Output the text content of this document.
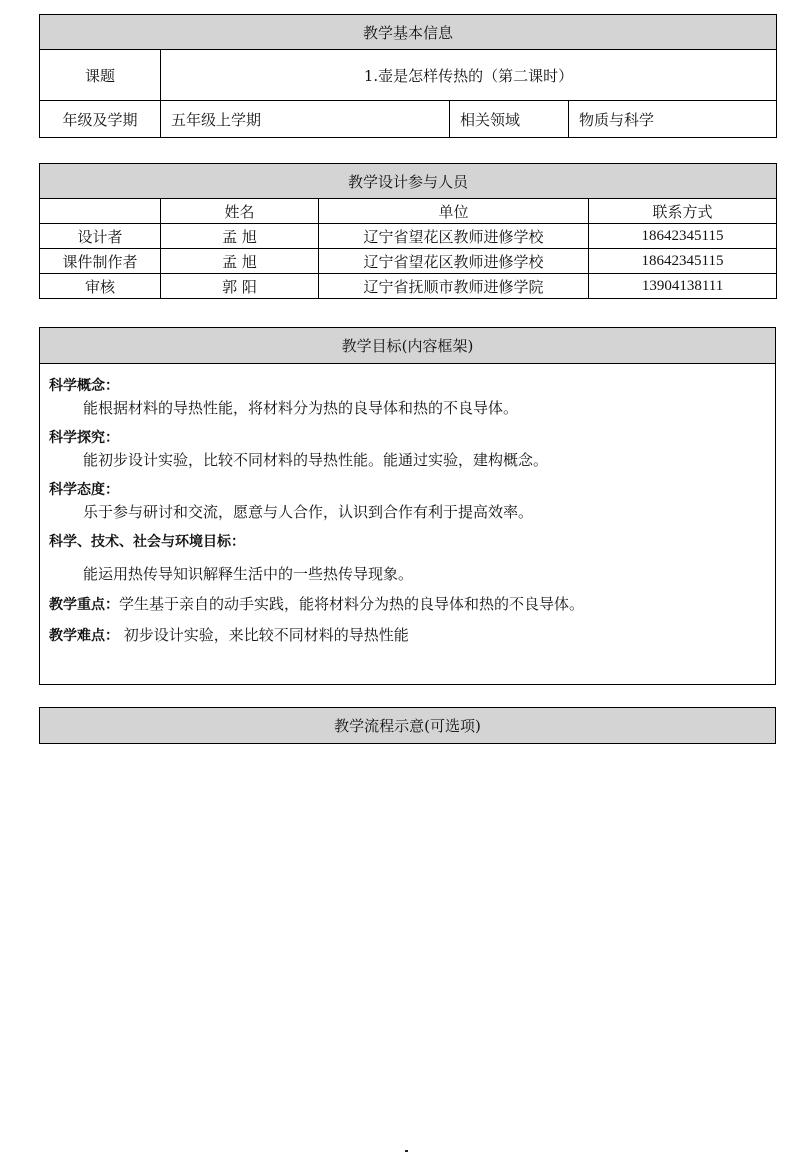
教学基本信息			
课题	1.壶是怎样传热的（第二课时）		
年级及学期	五年级上学期	相关领域	物质与科学
教学设计参与人员			
	姓名	单位	联系方式
设计者	孟 旭	辽宁省望花区教师进修学校	18642345115
课件制作者	孟 旭	辽宁省望花区教师进修学校	18642345115
审核	郭 阳	辽宁省抚顺市教师进修学院	13904138111
教学目标(内容框架)

科学概念：
能根据材料的导热性能，将材料分为热的良导体和热的不良导体。
科学探究：
能初步设计实验，比较不同材料的导热性能。能通过实验，建构概念。
科学态度：
乐于参与研讨和交流，愿意与人合作，认识到合作有利于提高效率。
科学、技术、社会与环境目标：
能运用热传导知识解释生活中的一些热传导现象。
教学重点：学生基于亲自的动手实践，能将材料分为热的良导体和热的不良导体。
教学难点： 初步设计实验，来比较不同材料的导热性能
教学流程示意(可选项)
